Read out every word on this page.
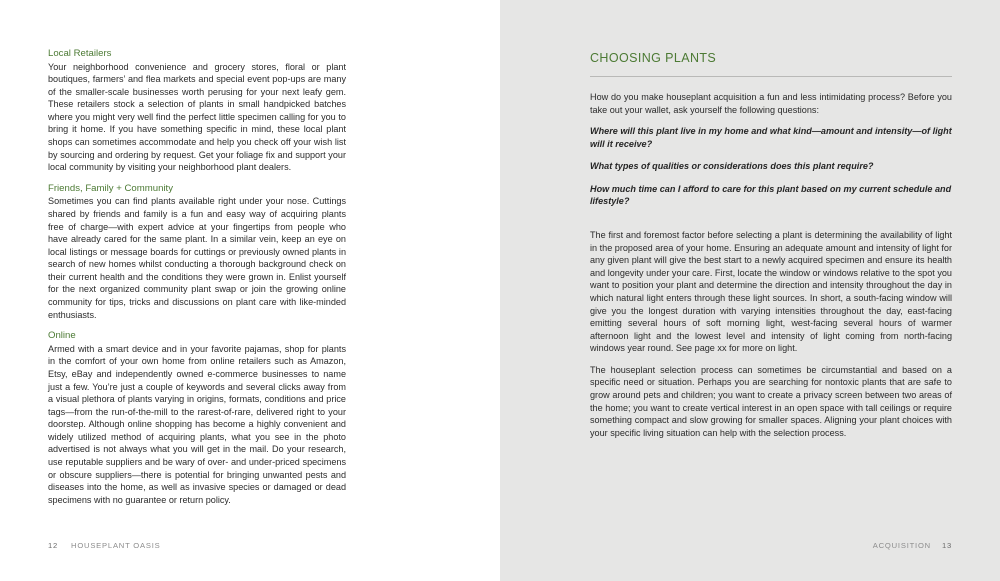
Local Retailers

Your neighborhood convenience and grocery stores, floral or plant boutiques, farmers’ and flea markets and special event pop-ups are many of the smaller-scale businesses worth perusing for your next leafy gem. These retailers stock a selection of plants in small handpicked batches where you might very well find the perfect little specimen calling for you to bring it home. If you have something specific in mind, these local plant shops can sometimes accommodate and help you check off your wish list by sourcing and ordering by request. Get your foliage fix and support your local community by visiting your neighborhood plant dealers.

Friends, Family + Community

Sometimes you can find plants available right under your nose. Cuttings shared by friends and family is a fun and easy way of acquiring plants free of charge—with expert advice at your fingertips from people who have already cared for the same plant. In a similar vein, keep an eye on local listings or message boards for cuttings or previously owned plants in search of new homes whilst conducting a thorough background check on their current health and the conditions they were grown in. Enlist yourself for the next organized community plant swap or join the growing online community for tips, tricks and discussions on plant care with like-minded enthusiasts.

Online

Armed with a smart device and in your favorite pajamas, shop for plants in the comfort of your own home from online retailers such as Amazon, Etsy, eBay and independently owned e-commerce businesses to name just a few. You’re just a couple of keywords and several clicks away from a visual plethora of plants varying in origins, formats, conditions and price tags—from the run-of-the-mill to the rarest-of-rare, delivered right to your doorstep. Although online shopping has become a highly convenient and widely utilized method of acquiring plants, what you see in the photo advertised is not always what you will get in the mail. Do your research, use reputable suppliers and be wary of over- and under-priced specimens or obscure suppliers—there is potential for bringing unwanted pests and diseases into the home, as well as invasive species or damaged or dead specimens with no guarantee or return policy.

12 HOUSEPLANT OASIS
CHOOSING PLANTS

How do you make houseplant acquisition a fun and less intimidating process? Before you take out your wallet, ask yourself the following questions:

Where will this plant live in my home and what kind—amount and intensity—of light will it receive?

What types of qualities or considerations does this plant require?

How much time can I afford to care for this plant based on my current schedule and lifestyle?

The first and foremost factor before selecting a plant is determining the availability of light in the proposed area of your home. Ensuring an adequate amount and intensity of light for any given plant will give the best start to a newly acquired specimen and ensure its health and longevity under your care. First, locate the window or windows relative to the spot you want to position your plant and determine the direction and intensity throughout the day in which natural light enters through these light sources. In short, a south-facing window will give you the longest duration with varying intensities throughout the day, east-facing emitting several hours of soft morning light, west-facing several hours of warmer afternoon light and the lowest level and intensity of light coming from north-facing windows year round. See page xx for more on light.

The houseplant selection process can sometimes be circumstantial and based on a specific need or situation. Perhaps you are searching for nontoxic plants that are safe to grow around pets and children; you want to create a privacy screen between two areas of the home; you want to create vertical interest in an open space with tall ceilings or require something compact and slow growing for smaller spaces. Aligning your plant choices with your specific living situation can help with the selection process.

ACQUISITION 13
